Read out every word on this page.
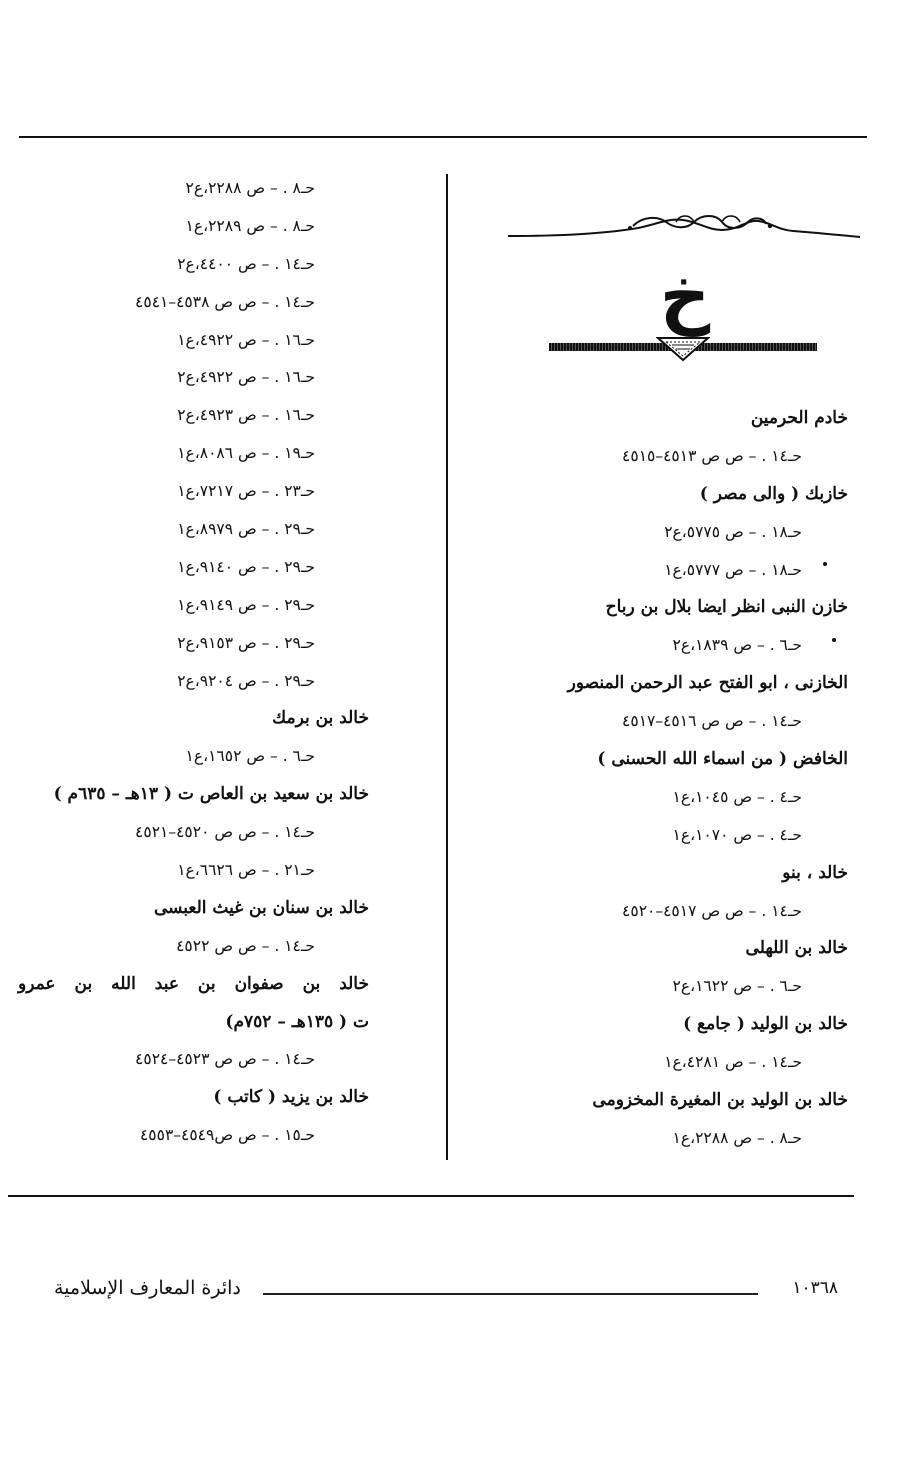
خ
خادم الحرمين
حـ١٤ . – ص ص ٤٥١٣–٤٥١٥
خازبك ( والى مصر )
حـ١٨ . – ص ٥٧٧٥،ع٢
حـ١٨ . – ص ٥٧٧٧،ع١
خازن النبى انظر ايضا بلال بن رباح
حـ٦ . – ص ١٨٣٩،ع٢
الخازنى ، ابو الفتح عبد الرحمن المنصور
حـ١٤ . – ص ص ٤٥١٦–٤٥١٧
الخافض ( من اسماء الله الحسنى )
حـ٤ . – ص ١٠٤٥،ع١
حـ٤ . – ص ١٠٧٠،ع١
خالد ، بنو
حـ١٤ . – ص ص ٤٥١٧–٤٥٢٠
خالد بن اللهلى
حـ٦ . – ص ١٦٢٢،ع٢
خالد بن الوليد ( جامع )
حـ١٤ . – ص ٤٢٨١،ع١
خالد بن الوليد بن المغيرة المخزومى
حـ٨ . – ص ٢٢٨٨،ع١
حـ٨ . – ص ٢٢٨٨،ع٢
حـ٨ . – ص ٢٢٨٩،ع١
حـ١٤ . – ص ٤٤٠٠،ع٢
حـ١٤ . – ص ص ٤٥٣٨–٤٥٤١
حـ١٦ . – ص ٤٩٢٢،ع١
حـ١٦ . – ص ٤٩٢٢،ع٢
حـ١٦ . – ص ٤٩٢٣،ع٢
حـ١٩ . – ص ٨٠٨٦،ع١
حـ٢٣ . – ص ٧٢١٧،ع١
حـ٢٩ . – ص ٨٩٧٩،ع١
حـ٢٩ . – ص ٩١٤٠،ع١
حـ٢٩ . – ص ٩١٤٩،ع١
حـ٢٩ . – ص ٩١٥٣،ع٢
حـ٢٩ . – ص ٩٢٠٤،ع٢
خالد بن برمك
حـ٦ . – ص ١٦٥٢،ع١
خالد بن سعيد بن العاص ت ( ١٣هـ – ٦٣٥م )
حـ١٤ . – ص ص ٤٥٢٠–٤٥٢١
حـ٢١ . – ص ٦٦٢٦،ع١
خالد بن سنان بن غيث العبسى
حـ١٤ . – ص ص ٤٥٢٢
خالد بن صفوان بن عبد الله بن عمرو
ت ( ١٣٥هـ – ٧٥٢م)
حـ١٤ . – ص ص ٤٥٢٣–٤٥٢٤
خالد بن يزيد ( كاتب )
حـ١٥ . – ص ص٤٥٤٩–٤٥٥٣
١٠٣٦٨
دائرة المعارف الإسلامية
